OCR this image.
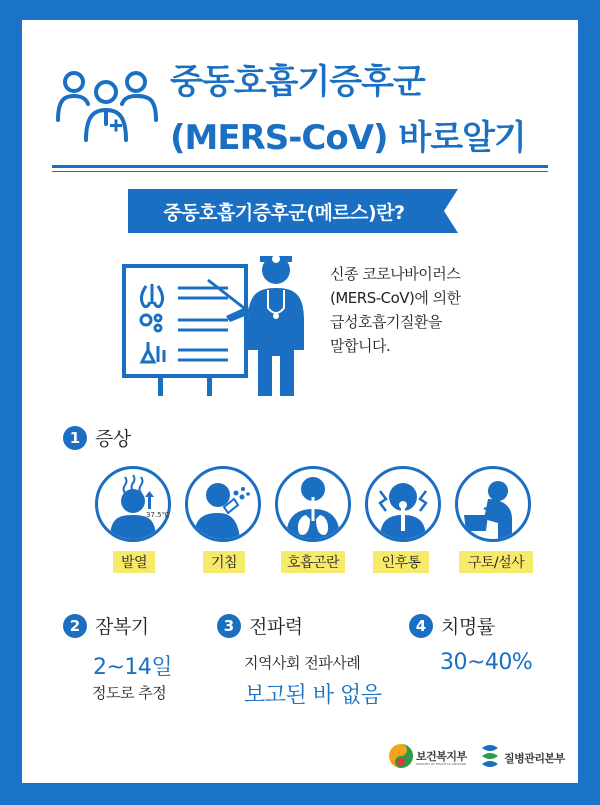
중동호흡기증후군
(MERS-CoV) 바로알기
중동호흡기증후군(메르스)란?
신종 코로나바이러스
(MERS-CoV)에 의한
급성호흡기질환을
말합니다.
1 증상
37.5℃
발열	기침	호흡곤란	인후통	구토/설사
2 잠복기
2~14일
정도로 추정
3 전파력
지역사회 전파사례
보고된 바 없음
4 치명률
30~40%
보건복지부
MINISTRY OF HEALTH & WELFARE	질병관리본부
